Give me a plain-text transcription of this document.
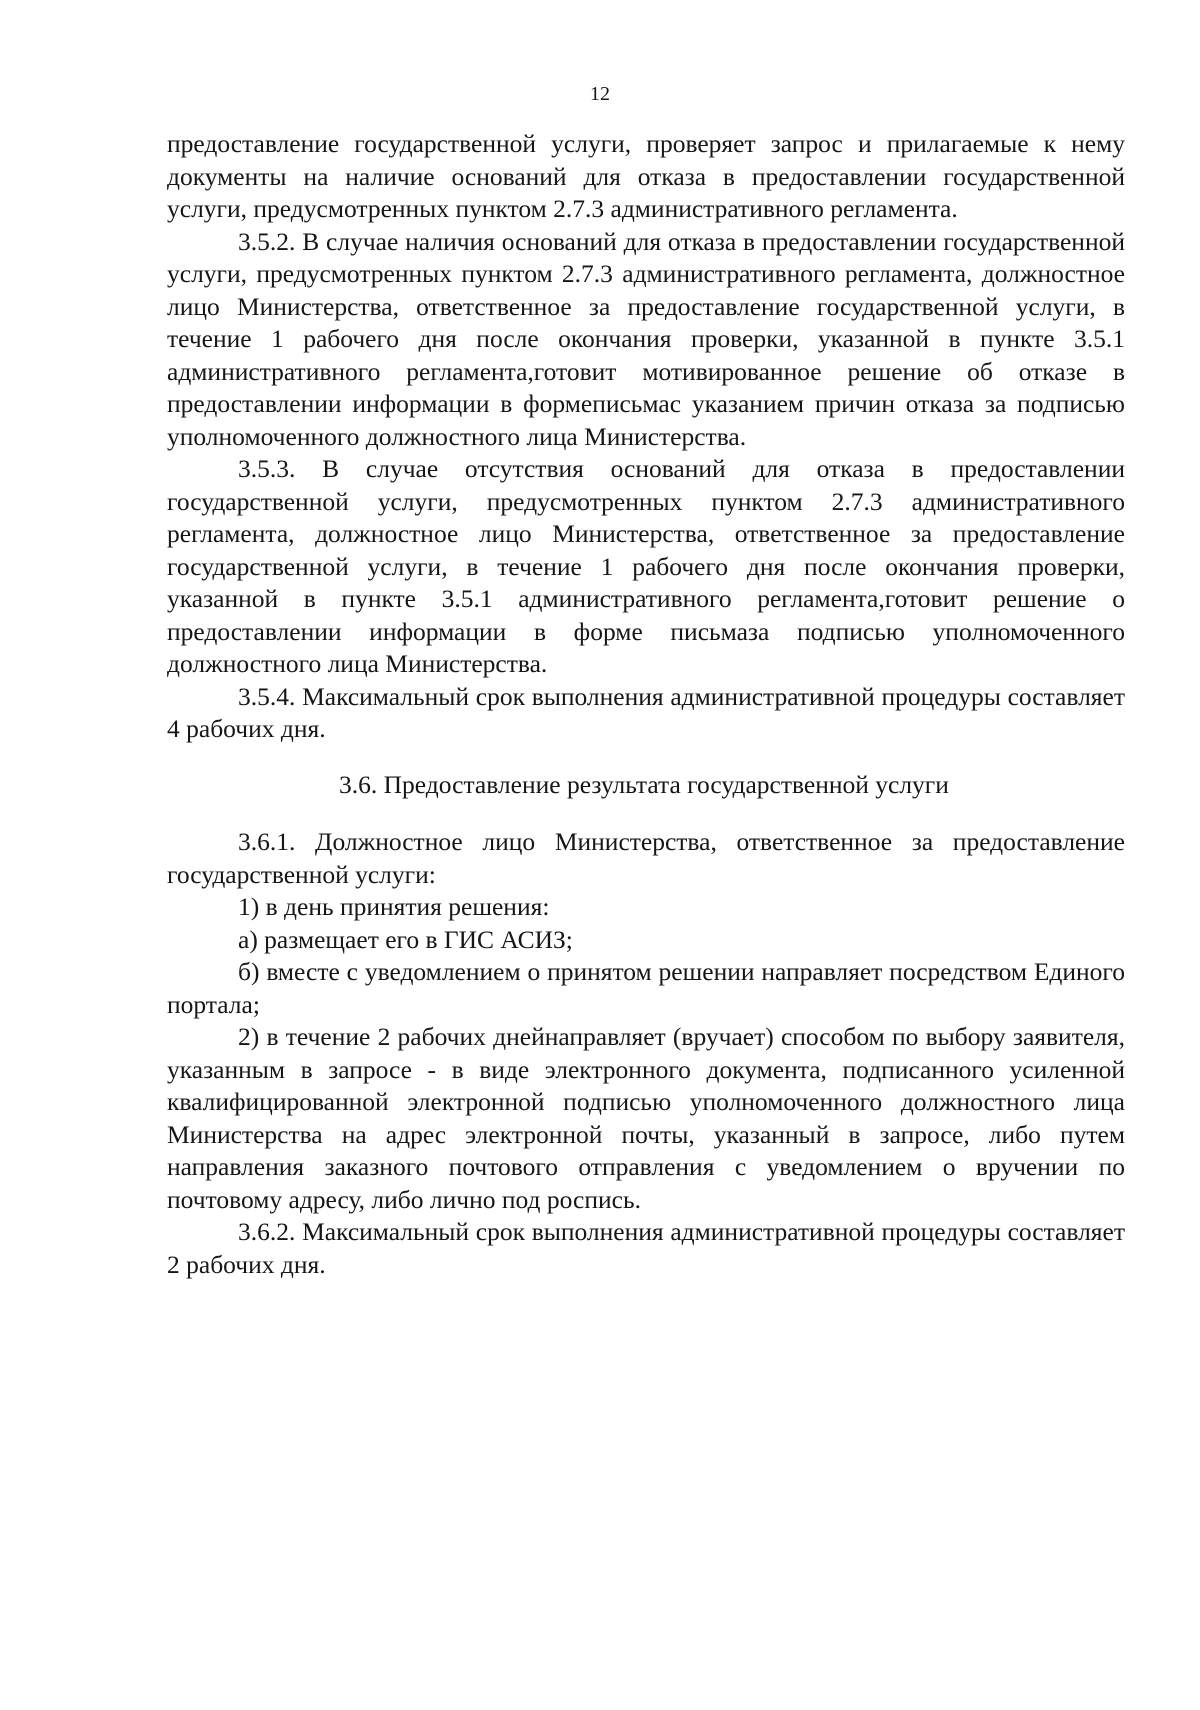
12

предоставление государственной услуги, проверяет запрос и прилагаемые к нему документы на наличие оснований для отказа в предоставлении государственной услуги, предусмотренных пунктом 2.7.3 административного регламента.

3.5.2. В случае наличия оснований для отказа в предоставлении государственной услуги, предусмотренных пунктом 2.7.3 административного регламента, должностное лицо Министерства, ответственное за предоставление государственной услуги, в течение 1 рабочего дня после окончания проверки, указанной в пункте 3.5.1 административного регламента,готовит мотивированное решение об отказе в предоставлении информации в формеписьмас указанием причин отказа за подписью уполномоченного должностного лица Министерства.

3.5.3. В случае отсутствия оснований для отказа в предоставлении государственной услуги, предусмотренных пунктом 2.7.3 административного регламента, должностное лицо Министерства, ответственное за предоставление государственной услуги, в течение 1 рабочего дня после окончания проверки, указанной в пункте 3.5.1 административного регламента,готовит решение о предоставлении информации в форме письмаза подписью уполномоченного должностного лица Министерства.

3.5.4. Максимальный срок выполнения административной процедуры составляет 4 рабочих дня.

3.6. Предоставление результата государственной услуги

3.6.1. Должностное лицо Министерства, ответственное за предоставление государственной услуги:

1) в день принятия решения:

а) размещает его в ГИС АСИЗ;

б) вместе с уведомлением о принятом решении направляет посредством Единого портала;

2) в течение 2 рабочих днейнаправляет (вручает) способом по выбору заявителя, указанным в запросе - в виде электронного документа, подписанного усиленной квалифицированной электронной подписью уполномоченного должностного лица Министерства на адрес электронной почты, указанный в запросе, либо путем направления заказного почтового отправления с уведомлением о вручении по почтовому адресу, либо лично под роспись.

3.6.2. Максимальный срок выполнения административной процедуры составляет 2 рабочих дня.
